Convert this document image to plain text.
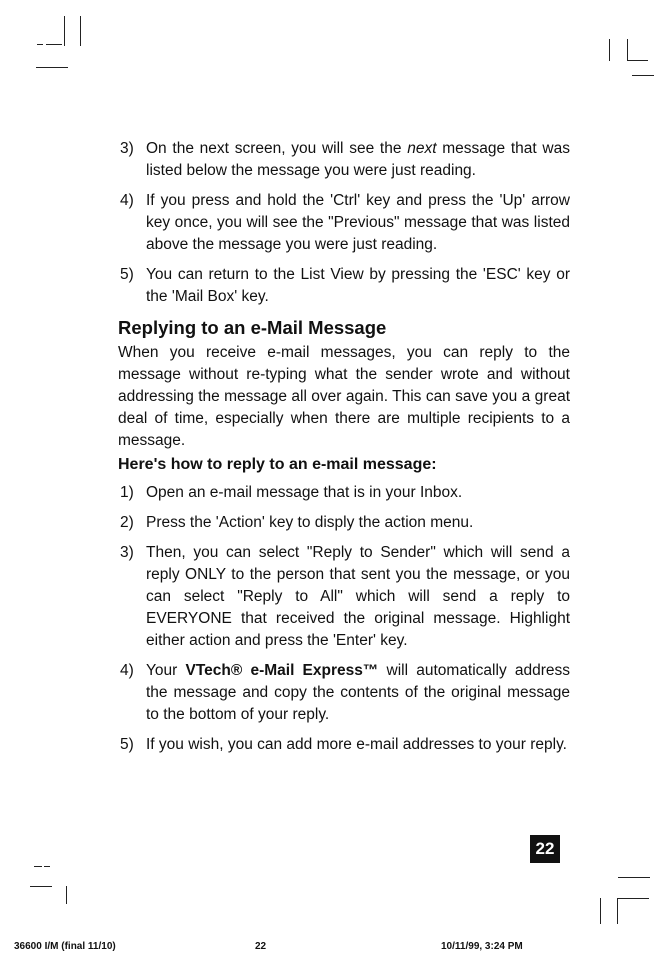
3) On the next screen, you will see the next message that was listed below the message you were just reading.
4) If you press and hold the 'Ctrl' key and press the 'Up' arrow key once, you will see the "Previous" message that was listed above the message you were just reading.
5) You can return to the List View by pressing the 'ESC' key or the 'Mail Box' key.
Replying to an e-Mail Message
When you receive e-mail messages, you can reply to the message without re-typing what the sender wrote and without addressing the message all over again. This can save you a great deal of time, especially when there are multiple recipients to a message.
Here's how to reply to an e-mail message:
1) Open an e-mail message that is in your Inbox.
2) Press the 'Action' key to disply the action menu.
3) Then, you can select "Reply to Sender" which will send a reply ONLY to the person that sent you the message, or you can select "Reply to All" which will send a reply to EVERYONE that received the original message. Highlight either action and press the 'Enter' key.
4) Your VTech® e-Mail Express™ will automatically address the message and copy the contents of the original message to the bottom of your reply.
5) If you wish, you can add more e-mail addresses to your reply.
22
36600 I/M (final 11/10)	22	10/11/99, 3:24 PM
